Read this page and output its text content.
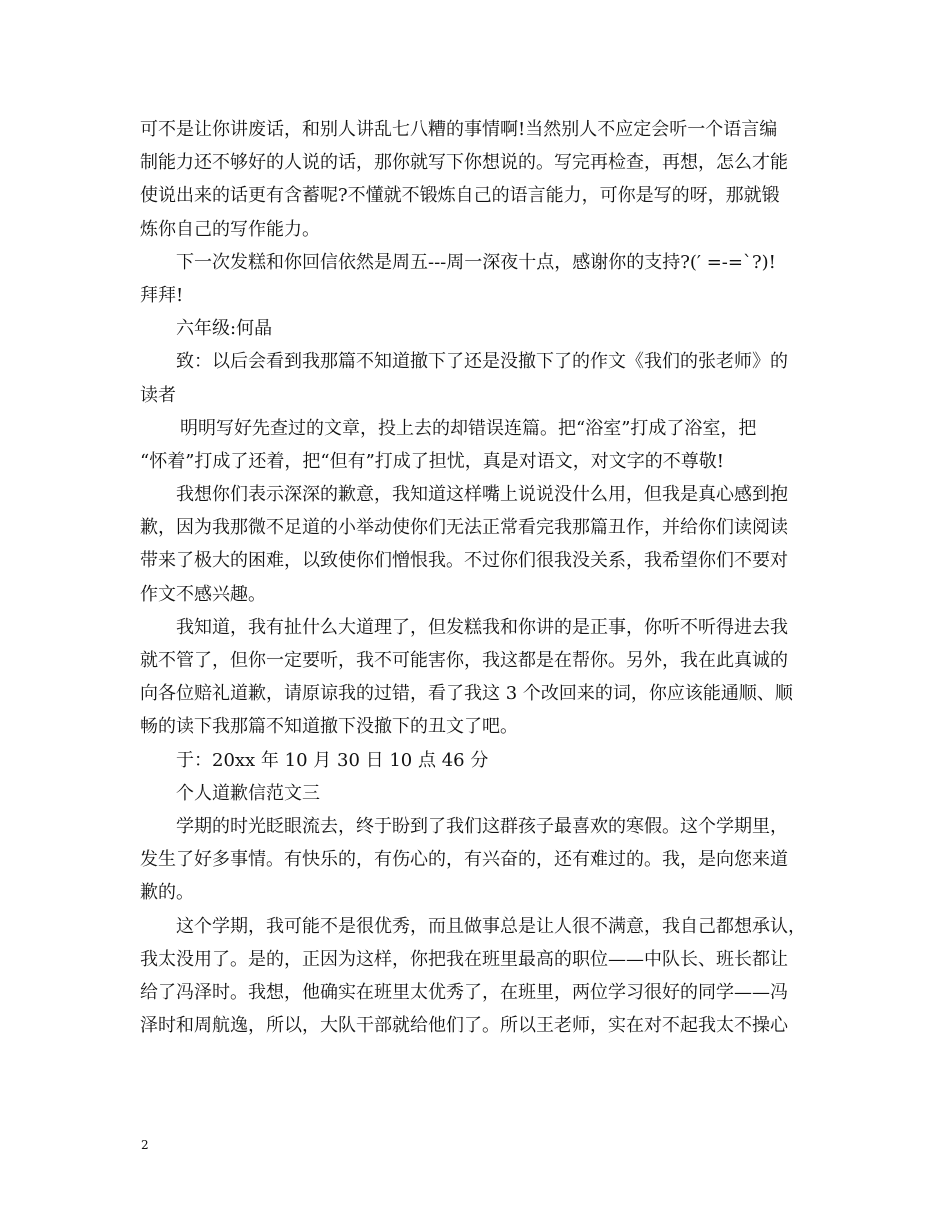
可不是让你讲废话，和别人讲乱七八糟的事情啊!当然别人不应定会听一个语言编
制能力还不够好的人说的话，那你就写下你想说的。写完再检查，再想，怎么才能
使说出来的话更有含蓄呢?不懂就不锻炼自己的语言能力，可你是写的呀，那就锻
炼你自己的写作能力。
下一次发糕和你回信依然是周五---周一深夜十点，感谢你的支持?(′ =-=`?)!
拜拜!
六年级:何晶
致：以后会看到我那篇不知道撤下了还是没撤下了的作文《我们的张老师》的
读者
明明写好先查过的文章，投上去的却错误连篇。把“浴室”打成了浴室，把
“怀着”打成了还着，把“但有”打成了担忧，真是对语文，对文字的不尊敬!
我想你们表示深深的歉意，我知道这样嘴上说说没什么用，但我是真心感到抱
歉，因为我那微不足道的小举动使你们无法正常看完我那篇丑作，并给你们读阅读
带来了极大的困难，以致使你们憎恨我。不过你们很我没关系，我希望你们不要对
作文不感兴趣。
我知道，我有扯什么大道理了，但发糕我和你讲的是正事，你听不听得进去我
就不管了，但你一定要听，我不可能害你，我这都是在帮你。另外，我在此真诚的
向各位赔礼道歉，请原谅我的过错，看了我这 3 个改回来的词，你应该能通顺、顺
畅的读下我那篇不知道撤下没撤下的丑文了吧。
于：20xx 年 10 月 30 日 10 点 46 分
个人道歉信范文三
学期的时光眨眼流去，终于盼到了我们这群孩子最喜欢的寒假。这个学期里，
发生了好多事情。有快乐的，有伤心的，有兴奋的，还有难过的。我，是向您来道
歉的。
这个学期，我可能不是很优秀，而且做事总是让人很不满意，我自己都想承认，
我太没用了。是的，正因为这样，你把我在班里最高的职位——中队长、班长都让
给了冯泽时。我想，他确实在班里太优秀了，在班里，两位学习很好的同学——冯
泽时和周航逸，所以，大队干部就给他们了。所以王老师，实在对不起我太不操心
2
